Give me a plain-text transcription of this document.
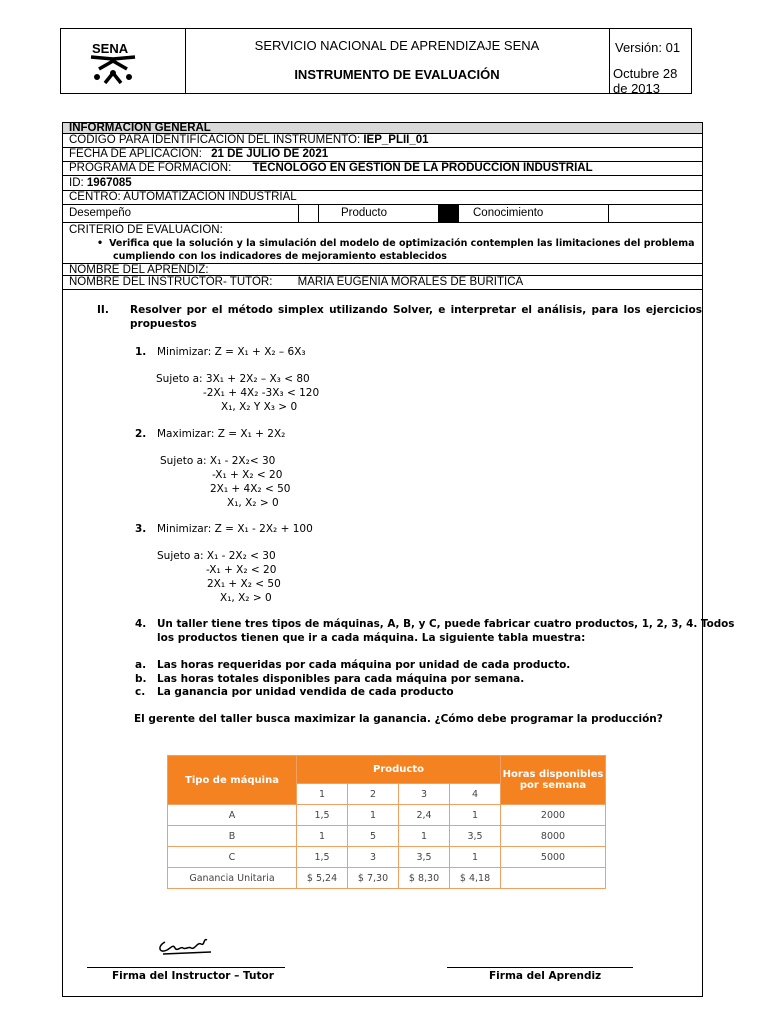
SENA	SERVICIO NACIONAL DE APRENDIZAJE SENA
INSTRUMENTO DE EVALUACIÓN
Versión: 01
Octubre 28 de 2013
INFORMACION GENERAL
CODIGO PARA IDENTIFICACION DEL INSTRUMENTO: IEP_PLII_01
FECHA DE APLICACION: 21 DE JULIO DE 2021
PROGRAMA DE FORMACION: TECNOLOGO EN GESTION DE LA PRODUCCION INDUSTRIAL
ID: 1967085
CENTRO: AUTOMATIZACION INDUSTRIAL
Desempeño	Producto	Conocimiento
CRITERIO DE EVALUACION:
• Verifica que la solución y la simulación del modelo de optimización contemplen las limitaciones del problema
cumpliendo con los indicadores de mejoramiento establecidos
NOMBRE DEL APRENDIZ:
NOMBRE DEL INSTRUCTOR- TUTOR: MARIA EUGENIA MORALES DE BURITICA
II. Resolver por el método simplex utilizando Solver, e interpretar el análisis, para los ejercicios
propuestos
1. Minimizar: Z = X₁ + X₂ – 6X₃
Sujeto a: 3X₁ + 2X₂ – X₃ < 80
-2X₁ + 4X₂ -3X₃ < 120
X₁, X₂ Y X₃ > 0
2. Maximizar: Z = X₁ + 2X₂
Sujeto a: X₁ - 2X₂< 30
-X₁ + X₂ < 20
2X₁ + 4X₂ < 50
X₁, X₂ > 0
3. Minimizar: Z = X₁ - 2X₂ + 100
Sujeto a: X₁ - 2X₂ < 30
-X₁ + X₂ < 20
2X₁ + X₂ < 50
X₁, X₂ > 0
4. Un taller tiene tres tipos de máquinas, A, B, y C, puede fabricar cuatro productos, 1, 2, 3, 4. Todos
los productos tienen que ir a cada máquina. La siguiente tabla muestra:
a. Las horas requeridas por cada máquina por unidad de cada producto.
b. Las horas totales disponibles para cada máquina por semana.
c. La ganancia por unidad vendida de cada producto
El gerente del taller busca maximizar la ganancia. ¿Cómo debe programar la producción?
Tipo de máquina	Producto				Horas disponibles por semana
	1	2	3	4	
A	1,5	1	2,4	1	2000
B	1	5	1	3,5	8000
C	1,5	3	3,5	1	5000
Ganancia Unitaria	$ 5,24	$ 7,30	$ 8,30	$ 4,18	
Firma del Instructor – Tutor	Firma del Aprendiz
